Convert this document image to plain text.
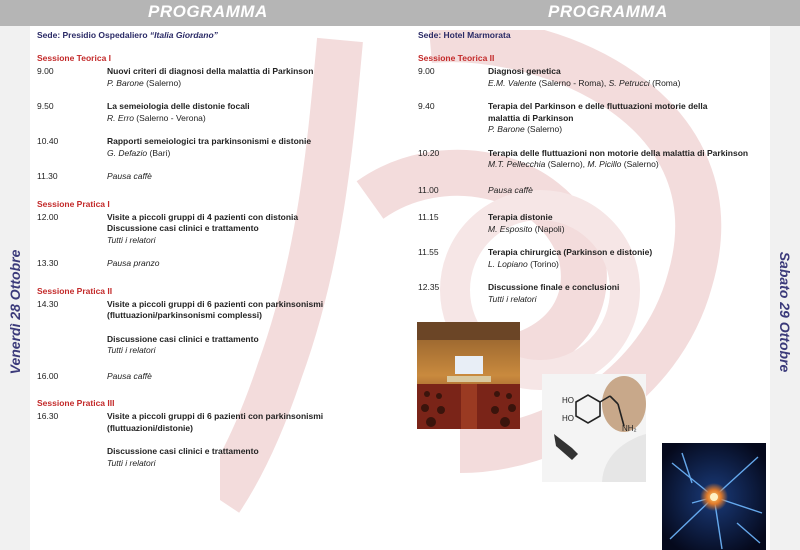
PROGRAMMA	PROGRAMMA
Venerdì 28 Ottobre	Sabato 29 Ottobre
Sede: Presidio Ospedaliero “Italia Giordano”
Sessione Teorica I
9.00	Nuovi criteri di diagnosi della malattia di Parkinson
P. Barone (Salerno)
9.50	La semeiologia delle distonie focali
R. Erro (Salerno - Verona)
10.40	Rapporti semeiologici tra parkinsonismi e distonie
G. Defazio (Bari)
11.30	Pausa caffè
Sessione Pratica I
12.00	Visite a piccoli gruppi di 4 pazienti con distonia
Discussione casi clinici e trattamento
Tutti i relatori
13.30	Pausa pranzo
Sessione Pratica II
14.30	Visite a piccoli gruppi di 6 pazienti con parkinsonismi
(fluttuazioni/parkinsonismi complessi)
Discussione casi clinici e trattamento
Tutti i relatori
16.00	Pausa caffè
Sessione Pratica III
16.30	Visite a piccoli gruppi di 6 pazienti con parkinsonismi
(fluttuazioni/distonie)
Discussione casi clinici e trattamento
Tutti i relatori
Sede: Hotel Marmorata
Sessione Teorica II
9.00	Diagnosi genetica
E.M. Valente (Salerno - Roma), S. Petrucci (Roma)
9.40	Terapia del Parkinson e delle fluttuazioni motorie della malattia di Parkinson
P. Barone (Salerno)
10.20	Terapia delle fluttuazioni non motorie della malattia di Parkinson
M.T. Pellecchia (Salerno), M. Picillo (Salerno)
11.00	Pausa caffè
11.15	Terapia distonie
M. Esposito (Napoli)
11.55	Terapia chirurgica (Parkinson e distonie)
L. Lopiano (Torino)
12.35	Discussione finale e conclusioni
Tutti i relatori
HO
HO
NH₂
